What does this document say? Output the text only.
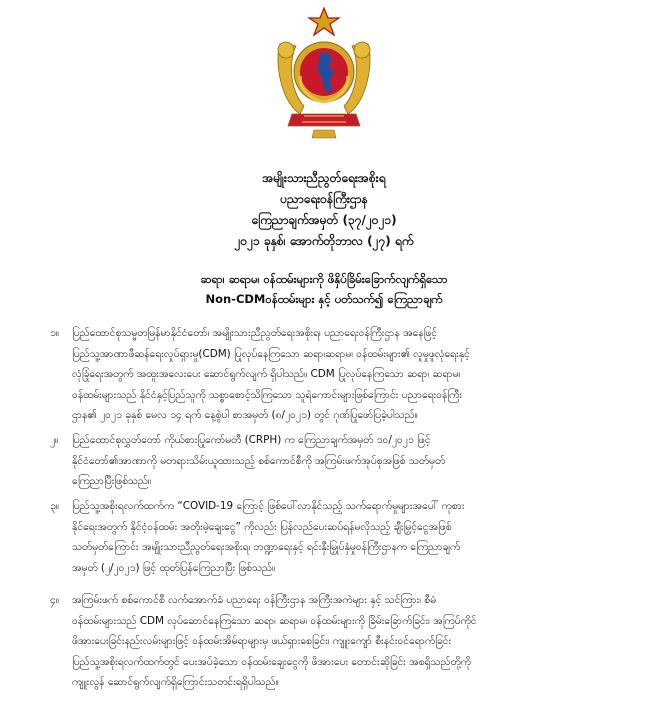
အမျိုးသားညီညွတ်ရေးအစိုးရ
ပညာရေးဝန်ကြီးဌာန
ကြေညာချက်အမှတ် (၃၇/၂၀၂၁)
၂၀၂၁ ခုနှစ်၊ အောက်တိုဘာလ (၂၇) ရက်
ဆရာ၊ ဆရာမ၊ ဝန်ထမ်းများကို ဖိနှိပ်ခြိမ်းခြောက်လျက်ရှိသော
Non-CDMဝန်ထမ်းများ နှင့် ပတ်သက်၍ ကြေညာချက်
၁။ ပြည်ထောင်စုသမ္မတမြန်မာနိုင်ငံတော်၊ အမျိုးသားညီညွတ်ရေးအစိုးရ၊ ပညာရေးဝန်ကြီးဌာန အနေဖြင့်
ပြည်သူ့အာဏာဖီဆန်ရေးလှုပ်ရှားမှု(CDM) ပြုလုပ်နေကြသော ဆရာ၊ဆရာမ၊ ဝန်ထမ်းများ၏ လူမှုဖူလုံရေးနှင့်
လုံခြုံရေးအတွက် အထူးအလေးပေး ဆောင်ရွက်လျက် ရှိပါသည်။ CDM ပြုလုပ်နေကြသော ဆရာ၊ ဆရာမ၊
ဝန်ထမ်းများသည် နိုင်ငံနှင့်ပြည်သူကို သစ္စာစောင့်သိကြသော သူရဲကောင်းများဖြစ်ကြောင်း ပညာရေးဝန်ကြီး
ဌာန၏ ၂၀၂၁ ခုနှစ် မေလ ၁၄ ရက် နေ့စွဲပါ စာအမှတ် (၈/၂၀၂၁) တွင် ဂုဏ်ပြုဖော်ပြခဲ့ပါသည်။
၂။ ပြည်ထောင်စုလွှတ်တော် ကိုယ်စားပြုကော်မတီ (CRPH) က ကြေညာချက်အမှတ် ၁၀/၂၀၂၁ ဖြင့်
နိုင်ငံတော်၏အာဏာကို မတရားသိမ်းယူထားသည့် စစ်ကောင်စီကို အကြမ်းဖက်အုပ်စုအဖြစ် သတ်မှတ်
ကြေညာပြီးဖြစ်သည်။
၃။ ပြည်သူ့အစိုးရလက်ထက်က “COVID-19 ကြောင့် ဖြစ်ပေါ်လာနိုင်သည့် သက်ရောက်မှုများအပေါ် ကုစား
နိုင်ရေးအတွက် နိုင်ငံ့ဝန်ထမ်း အတိုးမဲ့ချေးငွေ” ကိုလည်း ပြန်လည်ပေးဆပ်ရန်မလိုသည့် ချီးမြှင့်ငွေအဖြစ်
သတ်မှတ်ကြောင်း အမျိုးသားညီညွတ်ရေးအစိုးရ၊ ဘဏ္ဍာရေးနှင့် ရင်းနှီးမြှုပ်နှံမှုဝန်ကြီးဌာနက ကြေညာချက်
အမှတ် (၂/၂၀၂၁) ဖြင့် ထုတ်ပြန်ကြေညာပြီး ဖြစ်သည်။
၄။ အကြမ်းဖက် စစ်ကောင်စီ လက်အောက်ခံ ပညာရေး ဝန်ကြီးဌာန အကြီးအကဲများ နှင့် သင်ကြား၊ စီမံ
ဝန်ထမ်းများသည် CDM လုပ်ဆောင်နေကြသော ဆရာ၊ ဆရာမ၊ ဝန်ထမ်းများကို ခြိမ်းခြောက်ခြင်း၊ အကြပ်ကိုင်
ဖိအားပေးခြင်းနည်းလမ်းများဖြင့် ဝန်ထမ်းအိမ်ရာများမှ ဖယ်ရှားစေခြင်း၊ ကျူးကျော် စီးနင်းဝင်ရောက်ခြင်း
ပြည်သူ့အစိုးရလက်ထက်တွင် ပေးအပ်ခဲ့သော ဝန်ထမ်းချေးငွေကို ဖိအားပေး တောင်းဆိုခြင်း အစရှိသည်တို့ကို
ကျူးလွန် ဆောင်ရွက်လျက်ရှိကြောင်းသတင်းရရှိပါသည်။
